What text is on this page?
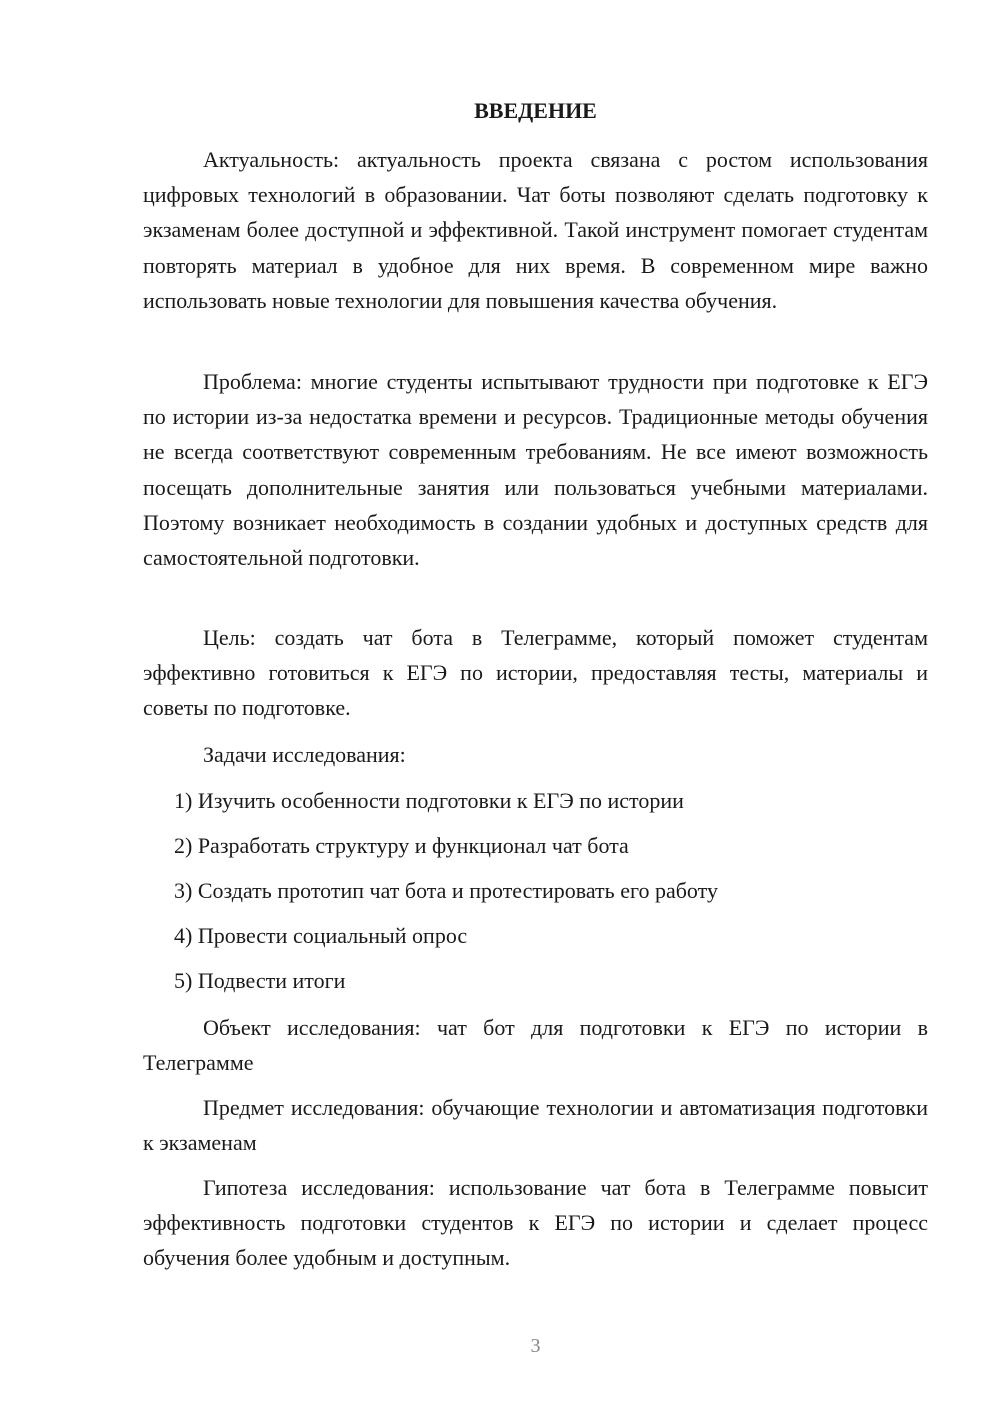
ВВЕДЕНИЕ

Актуальность: актуальность проекта связана с ростом использования цифровых технологий в образовании. Чат боты позволяют сделать подготовку к экзаменам более доступной и эффективной. Такой инструмент помогает студентам повторять материал в удобное для них время. В современном мире важно использовать новые технологии для повышения качества обучения.

Проблема: многие студенты испытывают трудности при подготовке к ЕГЭ по истории из-за недостатка времени и ресурсов. Традиционные методы обучения не всегда соответствуют современным требованиям. Не все имеют возможность посещать дополнительные занятия или пользоваться учебными материалами. Поэтому возникает необходимость в создании удобных и доступных средств для самостоятельной подготовки.

Цель: создать чат бота в Телеграмме, который поможет студентам эффективно готовиться к ЕГЭ по истории, предоставляя тесты, материалы и советы по подготовке.

Задачи исследования:

1) Изучить особенности подготовки к ЕГЭ по истории

2) Разработать структуру и функционал чат бота

3) Создать прототип чат бота и протестировать его работу

4) Провести социальный опрос

5) Подвести итоги

Объект исследования: чат бот для подготовки к ЕГЭ по истории в Телеграмме

Предмет исследования: обучающие технологии и автоматизация подготовки к экзаменам

Гипотеза исследования: использование чат бота в Телеграмме повысит эффективность подготовки студентов к ЕГЭ по истории и сделает процесс обучения более удобным и доступным.

3
